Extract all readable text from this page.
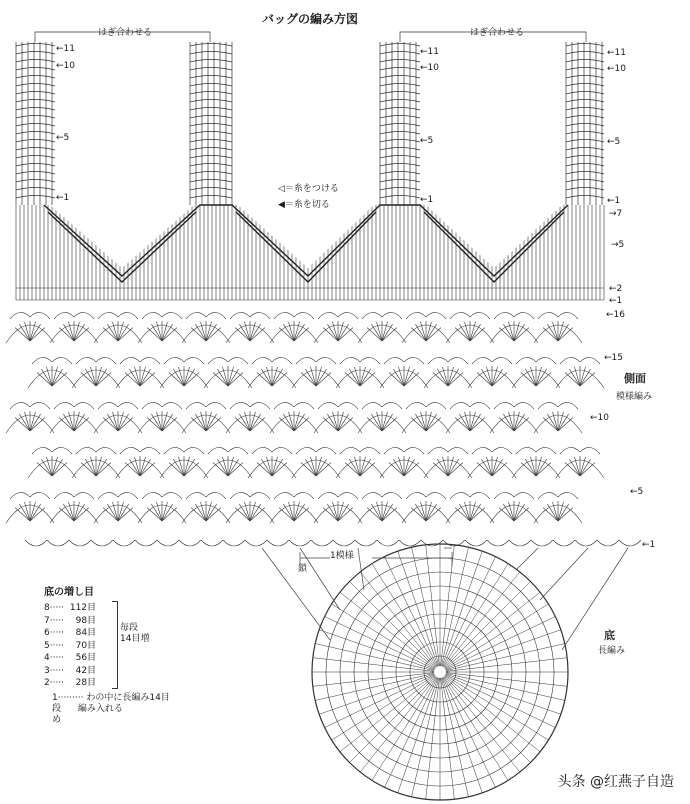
バッグの編み方図
はぎ合わせる	はぎ合わせる
←11
←10
←5
←1
←11
←10
←5
←1
←11
←10
←5
←1
→7
→5
←2
←1
◁＝糸をつける
◀＝糸を切る
←16
←15
側面
模様編み
←10
←5
←1
1模様
鎖
底
長編み
底の増し目
8····· 112目
7····· 98目
6····· 84目
5····· 70目
4····· 56目
3····· 42目
2····· 28目
毎段
14目増
1········· わの中に長編み14目
段 編み入れる
め
头条 @红燕子自造
